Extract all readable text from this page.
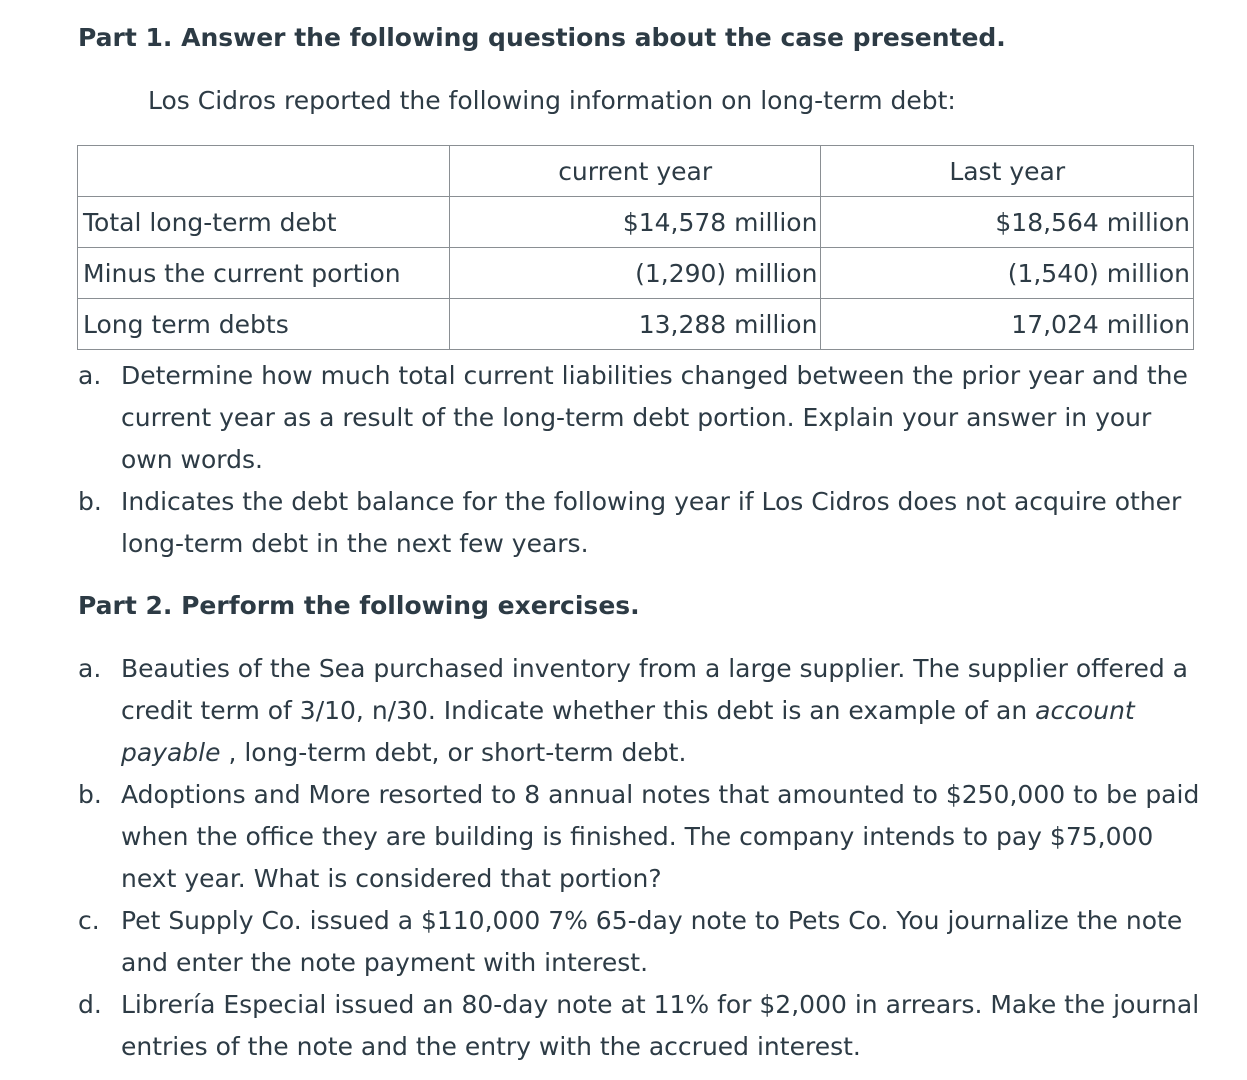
Part 1. Answer the following questions about the case presented.

Los Cidros reported the following information on long-term debt:

	current year	Last year
Total long-term debt	$14,578 million	$18,564 million
Minus the current portion	(1,290) million	(1,540) million
Long term debts	13,288 million	17,024 million
a. Determine how much total current liabilities changed between the prior year and the current year as a result of the long-term debt portion. Explain your answer in your own words.
b. Indicates the debt balance for the following year if Los Cidros does not acquire other long-term debt in the next few years.
Part 2. Perform the following exercises.
a. Beauties of the Sea purchased inventory from a large supplier. The supplier offered a credit term of 3/10, n/30. Indicate whether this debt is an example of an account payable , long-term debt, or short-term debt.
b. Adoptions and More resorted to 8 annual notes that amounted to $250,000 to be paid when the office they are building is finished. The company intends to pay $75,000 next year. What is considered that portion?
c. Pet Supply Co. issued a $110,000 7% 65-day note to Pets Co. You journalize the note and enter the note payment with interest.
d. Librería Especial issued an 80-day note at 11% for $2,000 in arrears. Make the journal entries of the note and the entry with the accrued interest.
